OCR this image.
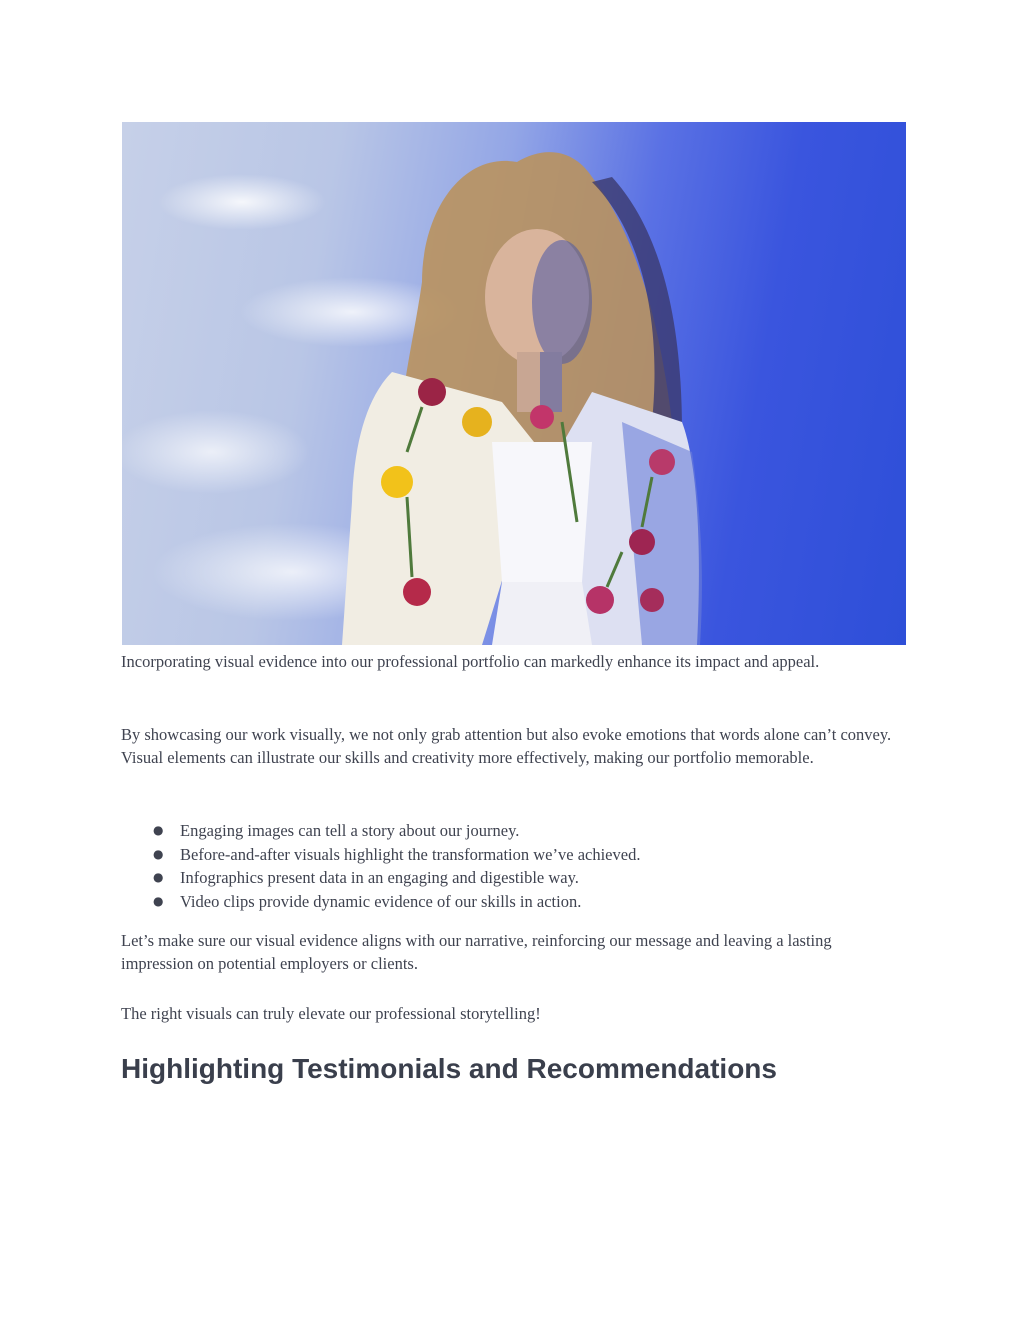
Incorporating visual evidence into our professional portfolio can markedly enhance its impact and appeal.

By showcasing our work visually, we not only grab attention but also evoke emotions that words alone can’t convey. Visual elements can illustrate our skills and creativity more effectively, making our portfolio memorable.

● Engaging images can tell a story about our journey.
● Before-and-after visuals highlight the transformation we’ve achieved.
● Infographics present data in an engaging and digestible way.
● Video clips provide dynamic evidence of our skills in action.

Let’s make sure our visual evidence aligns with our narrative, reinforcing our message and leaving a lasting impression on potential employers or clients.

The right visuals can truly elevate our professional storytelling!

Highlighting Testimonials and Recommendations
